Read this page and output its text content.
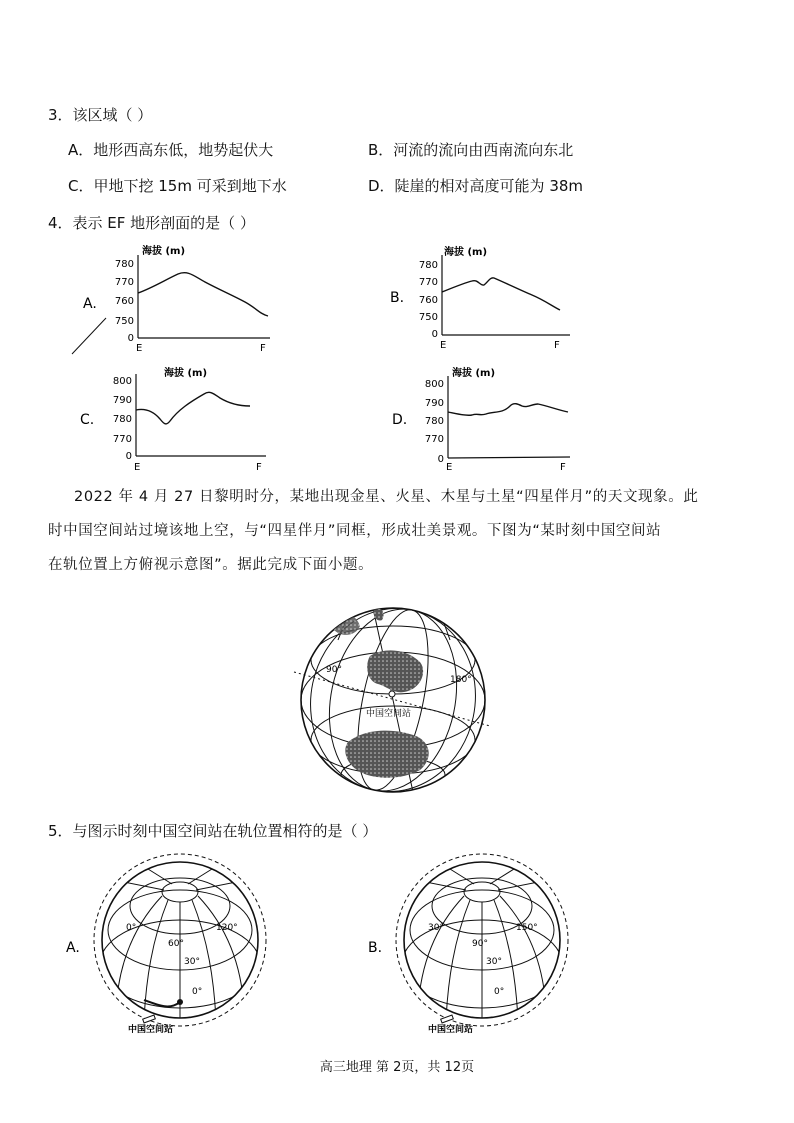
3．该区域（ ）
A．地形西高东低，地势起伏大	B．河流的流向由西南流向东北
C．甲地下挖 15m 可采到地下水	D．陡崖的相对高度可能为 38m
4．表示 EF 地形剖面的是（ ）
A.
海拔 (m)
780
770
760
750
0
E	F
B.
海拔 (m)
780
770
760
750
0
E	F
C.
海拔 (m)
800
790
780
770
0
E	F
D.
海拔 (m)
800
790
780
770
0
E	F
2022 年 4 月 27 日黎明时分，某地出现金星、火星、木星与土星“四星伴月”的天文现象。此
时中国空间站过境该地上空，与“四星伴月”同框，形成壮美景观。下图为“某时刻中国空间站
在轨位置上方俯视示意图”。据此完成下面小题。
90°
180°
中国空间站
5．与图示时刻中国空间站在轨位置相符的是（ ）
A.
0°
60°
120°
30°
0°
中国空间站
B.
30°
90°
150°
30°
0°
中国空间站
高三地理 第 2页，共 12页
